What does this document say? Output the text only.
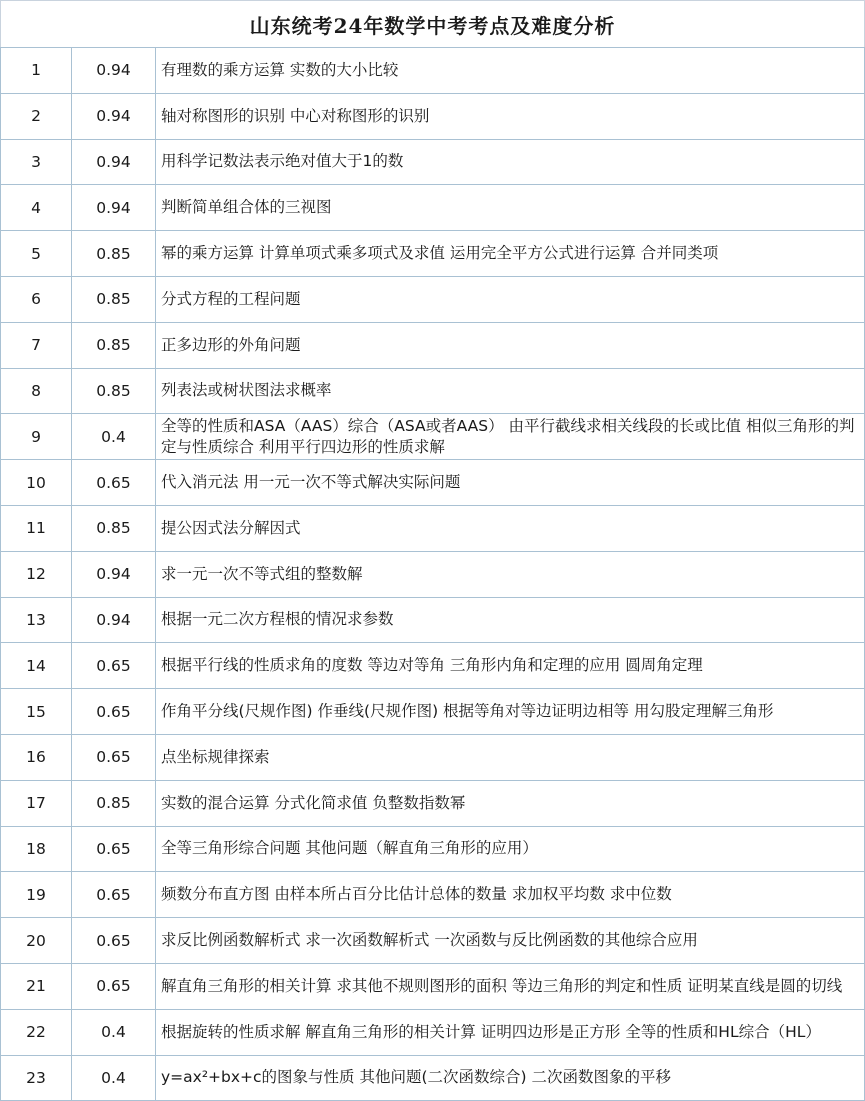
山东统考24年数学中考考点及难度分析
1	0.94	有理数的乘方运算 实数的大小比较
2	0.94	轴对称图形的识别 中心对称图形的识别
3	0.94	用科学记数法表示绝对值大于1的数
4	0.94	判断简单组合体的三视图
5	0.85	幂的乘方运算 计算单项式乘多项式及求值 运用完全平方公式进行运算 合并同类项
6	0.85	分式方程的工程问题
7	0.85	正多边形的外角问题
8	0.85	列表法或树状图法求概率
9	0.4	全等的性质和ASA（AAS）综合（ASA或者AAS） 由平行截线求相关线段的长或比值 相似三角形的判定与性质综合 利用平行四边形的性质求解
10	0.65	代入消元法 用一元一次不等式解决实际问题
11	0.85	提公因式法分解因式
12	0.94	求一元一次不等式组的整数解
13	0.94	根据一元二次方程根的情况求参数
14	0.65	根据平行线的性质求角的度数 等边对等角 三角形内角和定理的应用 圆周角定理
15	0.65	作角平分线(尺规作图) 作垂线(尺规作图) 根据等角对等边证明边相等 用勾股定理解三角形
16	0.65	点坐标规律探索
17	0.85	实数的混合运算 分式化简求值 负整数指数幂
18	0.65	全等三角形综合问题 其他问题（解直角三角形的应用）
19	0.65	频数分布直方图 由样本所占百分比估计总体的数量 求加权平均数 求中位数
20	0.65	求反比例函数解析式 求一次函数解析式 一次函数与反比例函数的其他综合应用
21	0.65	解直角三角形的相关计算 求其他不规则图形的面积 等边三角形的判定和性质 证明某直线是圆的切线
22	0.4	根据旋转的性质求解 解直角三角形的相关计算 证明四边形是正方形 全等的性质和HL综合（HL）
23	0.4	y=ax²+bx+c的图象与性质 其他问题(二次函数综合) 二次函数图象的平移
